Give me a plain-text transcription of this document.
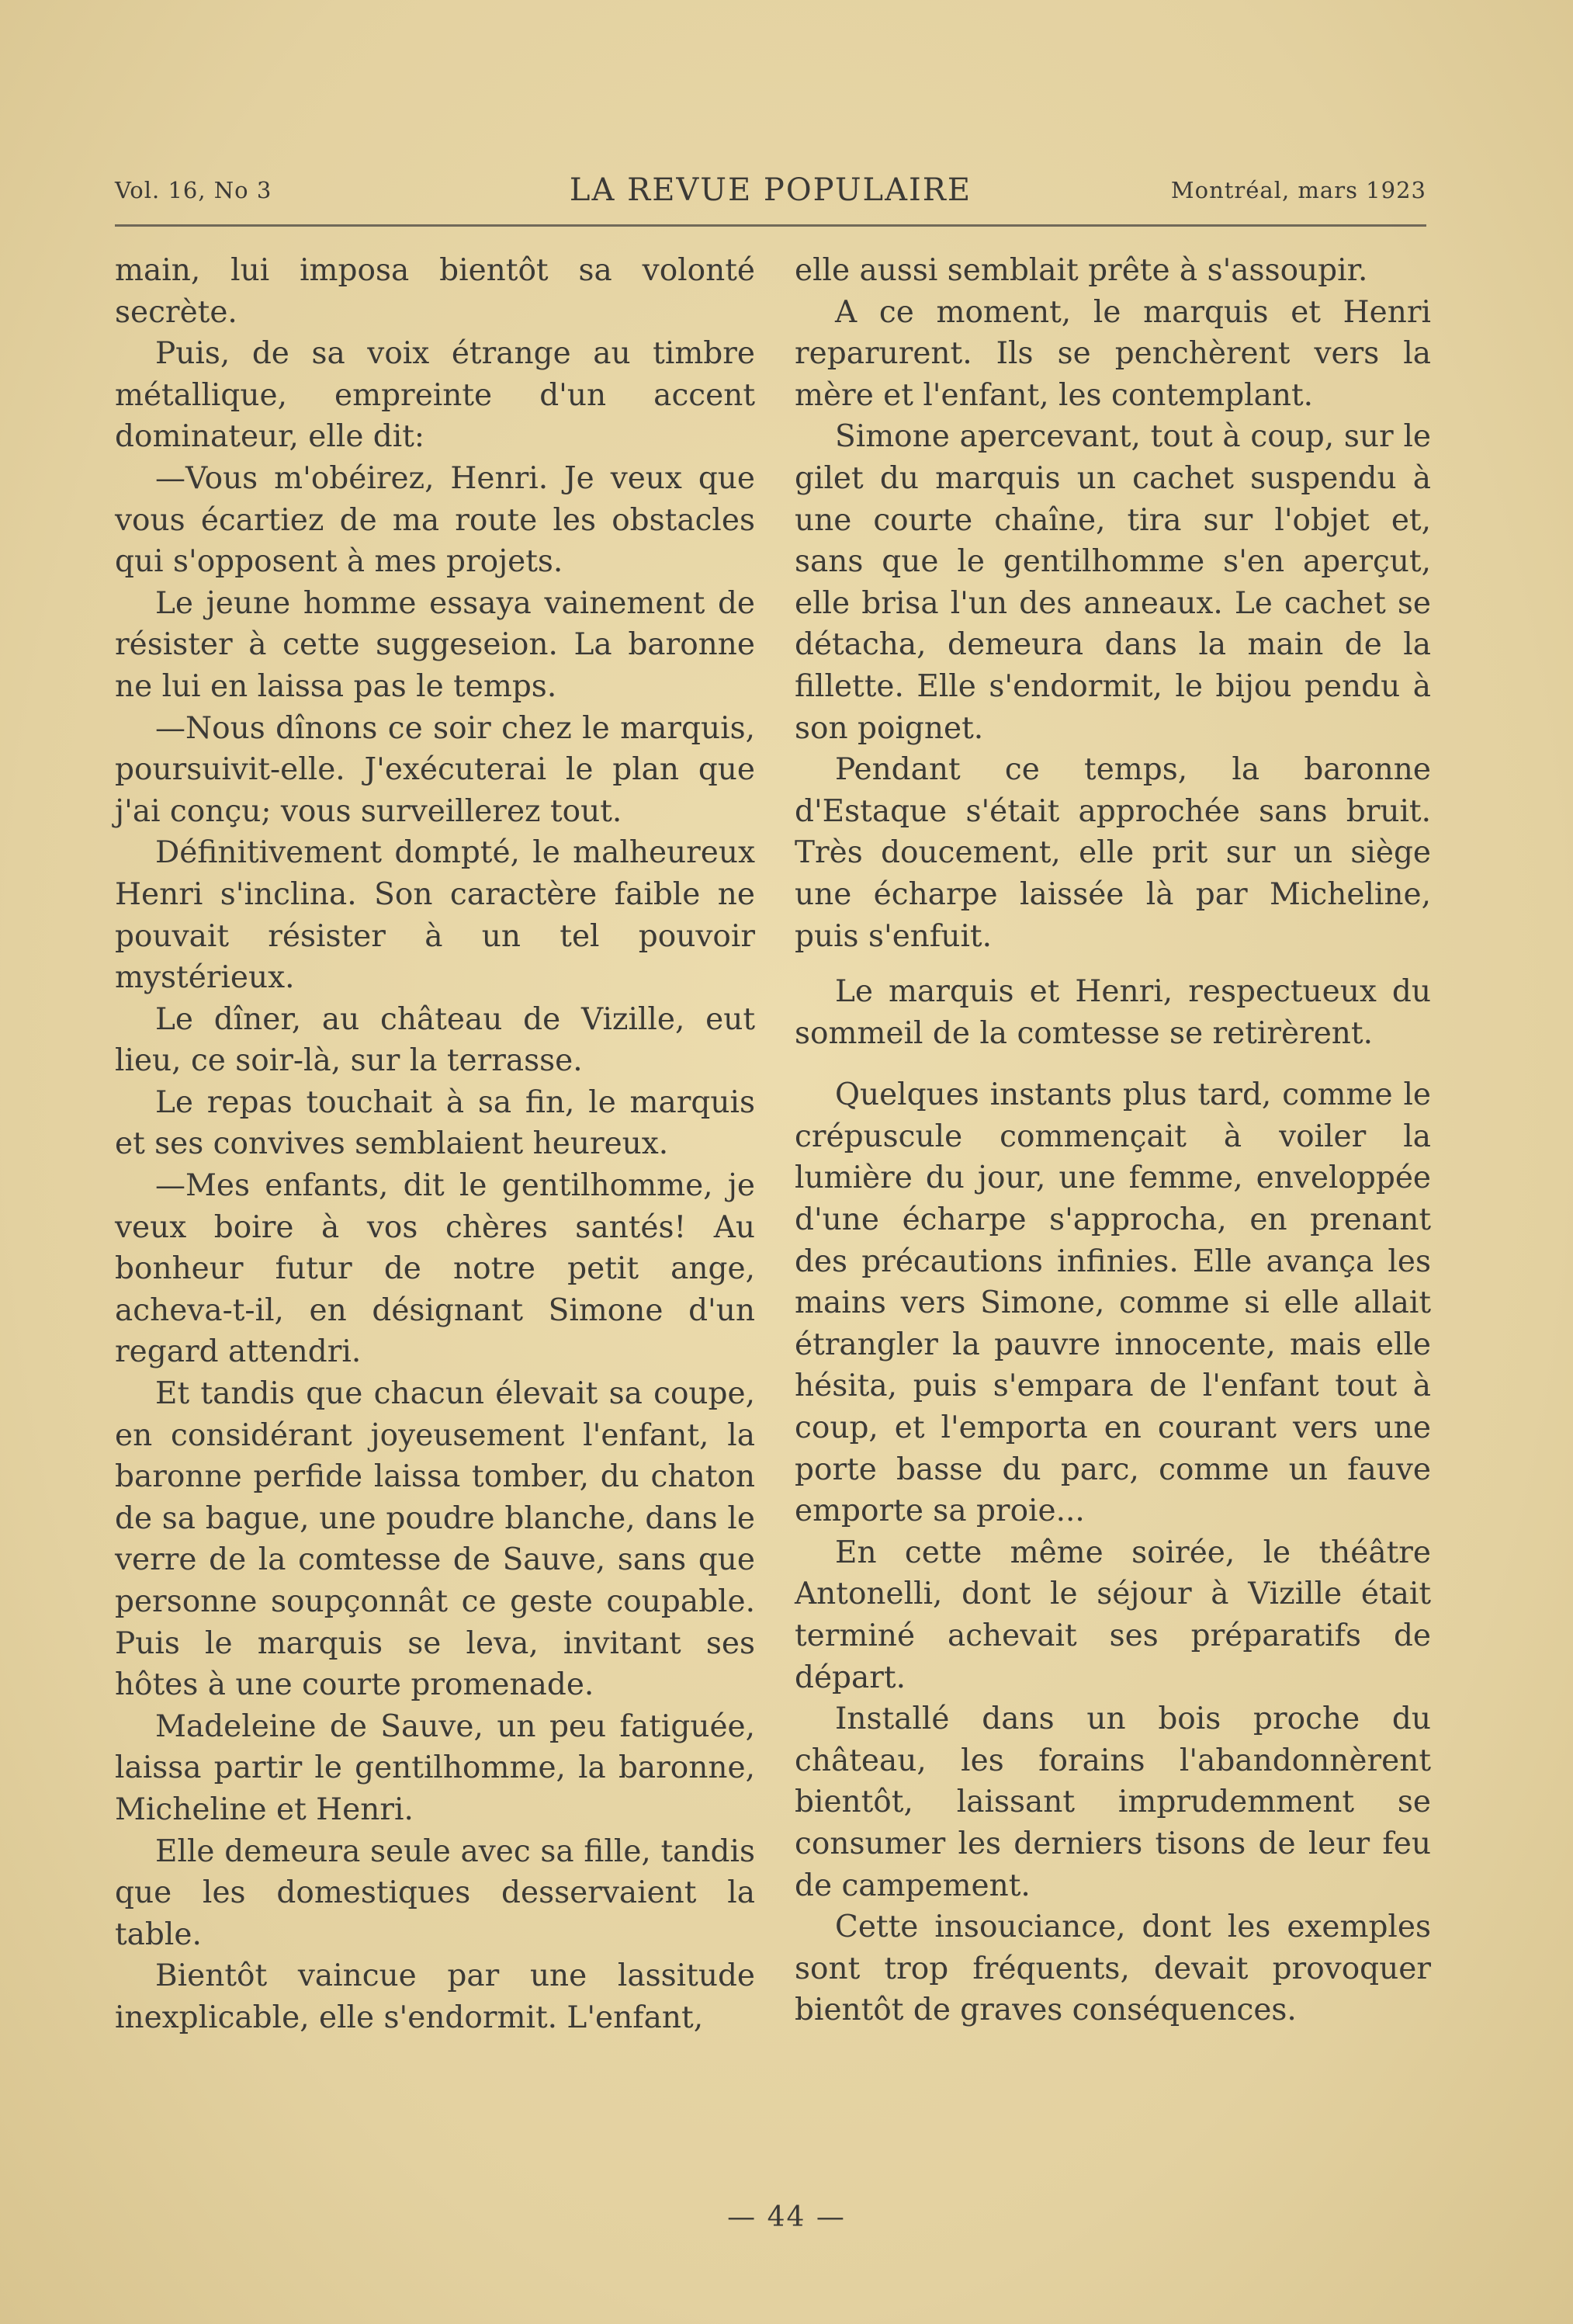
Vol. 16, No 3	LA REVUE POPULAIRE	Montréal, mars 1923

main, lui imposa bientôt sa volonté secrète.

Puis, de sa voix étrange au timbre métallique, empreinte d'un accent dominateur, elle dit:

—Vous m'obéirez, Henri. Je veux que vous écartiez de ma route les obstacles qui s'opposent à mes projets.

Le jeune homme essaya vainement de résister à cette suggeseion. La baronne ne lui en laissa pas le temps.

—Nous dînons ce soir chez le marquis, poursuivit-elle. J'exécuterai le plan que j'ai conçu; vous surveillerez tout.

Définitivement dompté, le malheureux Henri s'inclina. Son caractère faible ne pouvait résister à un tel pouvoir mystérieux.

Le dîner, au château de Vizille, eut lieu, ce soir-là, sur la terrasse.

Le repas touchait à sa fin, le marquis et ses convives semblaient heureux.

—Mes enfants, dit le gentilhomme, je veux boire à vos chères santés! Au bonheur futur de notre petit ange, acheva-t-il, en désignant Simone d'un regard attendri.

Et tandis que chacun élevait sa coupe, en considérant joyeusement l'enfant, la baronne perfide laissa tomber, du chaton de sa bague, une poudre blanche, dans le verre de la comtesse de Sauve, sans que personne soupçonnât ce geste coupable. Puis le marquis se leva, invitant ses hôtes à une courte promenade.

Madeleine de Sauve, un peu fatiguée, laissa partir le gentilhomme, la baronne, Micheline et Henri.

Elle demeura seule avec sa fille, tandis que les domestiques desservaient la table.

Bientôt vaincue par une lassitude inexplicable, elle s'endormit. L'enfant,

elle aussi semblait prête à s'assoupir.

A ce moment, le marquis et Henri reparurent. Ils se penchèrent vers la mère et l'enfant, les contemplant.

Simone apercevant, tout à coup, sur le gilet du marquis un cachet suspendu à une courte chaîne, tira sur l'objet et, sans que le gentilhomme s'en aperçut, elle brisa l'un des anneaux. Le cachet se détacha, demeura dans la main de la fillette. Elle s'endormit, le bijou pendu à son poignet.

Pendant ce temps, la baronne d'Estaque s'était approchée sans bruit. Très doucement, elle prit sur un siège une écharpe laissée là par Micheline, puis s'enfuit.

Le marquis et Henri, respectueux du sommeil de la comtesse se retirèrent.

Quelques instants plus tard, comme le crépuscule commençait à voiler la lumière du jour, une femme, enveloppée d'une écharpe s'approcha, en prenant des précautions infinies. Elle avança les mains vers Simone, comme si elle allait étrangler la pauvre innocente, mais elle hésita, puis s'empara de l'enfant tout à coup, et l'emporta en courant vers une porte basse du parc, comme un fauve emporte sa proie...

En cette même soirée, le théâtre Antonelli, dont le séjour à Vizille était terminé achevait ses préparatifs de départ.

Installé dans un bois proche du château, les forains l'abandonnèrent bientôt, laissant imprudemment se consumer les derniers tisons de leur feu de campement.

Cette insouciance, dont les exemples sont trop fréquents, devait provoquer bientôt de graves conséquences.

— 44 —
